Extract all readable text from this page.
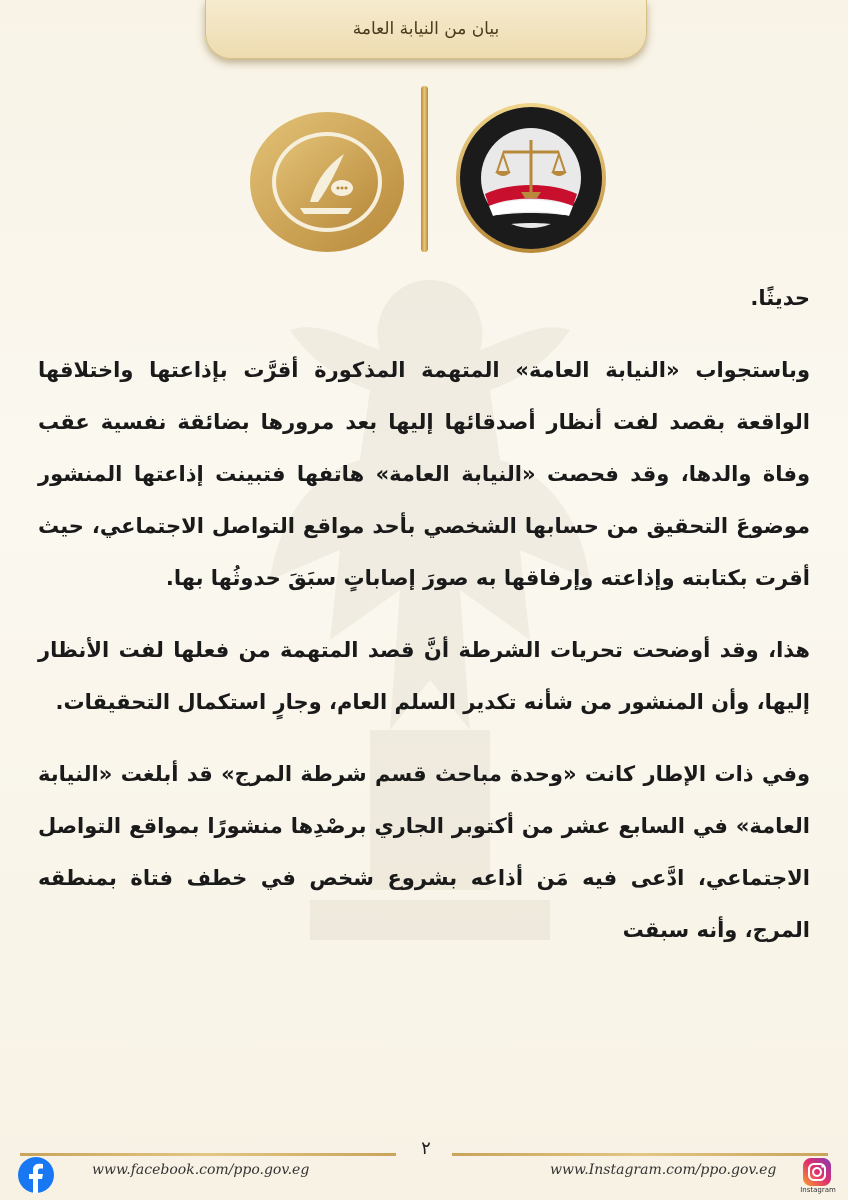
بيان من النيابة العامة

حديثًا.

وباستجواب «النيابة العامة» المتهمة المذكورة أقرَّت بإذاعتها واختلاقها الواقعة بقصد لفت أنظار أصدقائها إليها بعد مرورها بضائقة نفسية عقب وفاة والدها، وقد فحصت «النيابة العامة» هاتفها فتبينت إذاعتها المنشور موضوعَ التحقيق من حسابها الشخصي بأحد مواقع التواصل الاجتماعي، حيث أقرت بكتابته وإذاعته وإرفاقها به صورَ إصاباتٍ سبَقَ حدوثُها بها.

هذا، وقد أوضحت تحريات الشرطة أنَّ قصد المتهمة من فعلها لفت الأنظار إليها، وأن المنشور من شأنه تكدير السلم العام، وجارٍ استكمال التحقيقات.

وفي ذات الإطار كانت «وحدة مباحث قسم شرطة المرج» قد أبلغت «النيابة العامة» في السابع عشر من أكتوبر الجاري برصْدِها منشورًا بمواقع التواصل الاجتماعي، ادَّعى فيه مَن أذاعه بشروع شخص في خطف فتاة بمنطقه المرج، وأنه سبقت

٢
www.facebook.com/ppo.gov.eg	www.Instagram.com/ppo.gov.eg
Instagram
